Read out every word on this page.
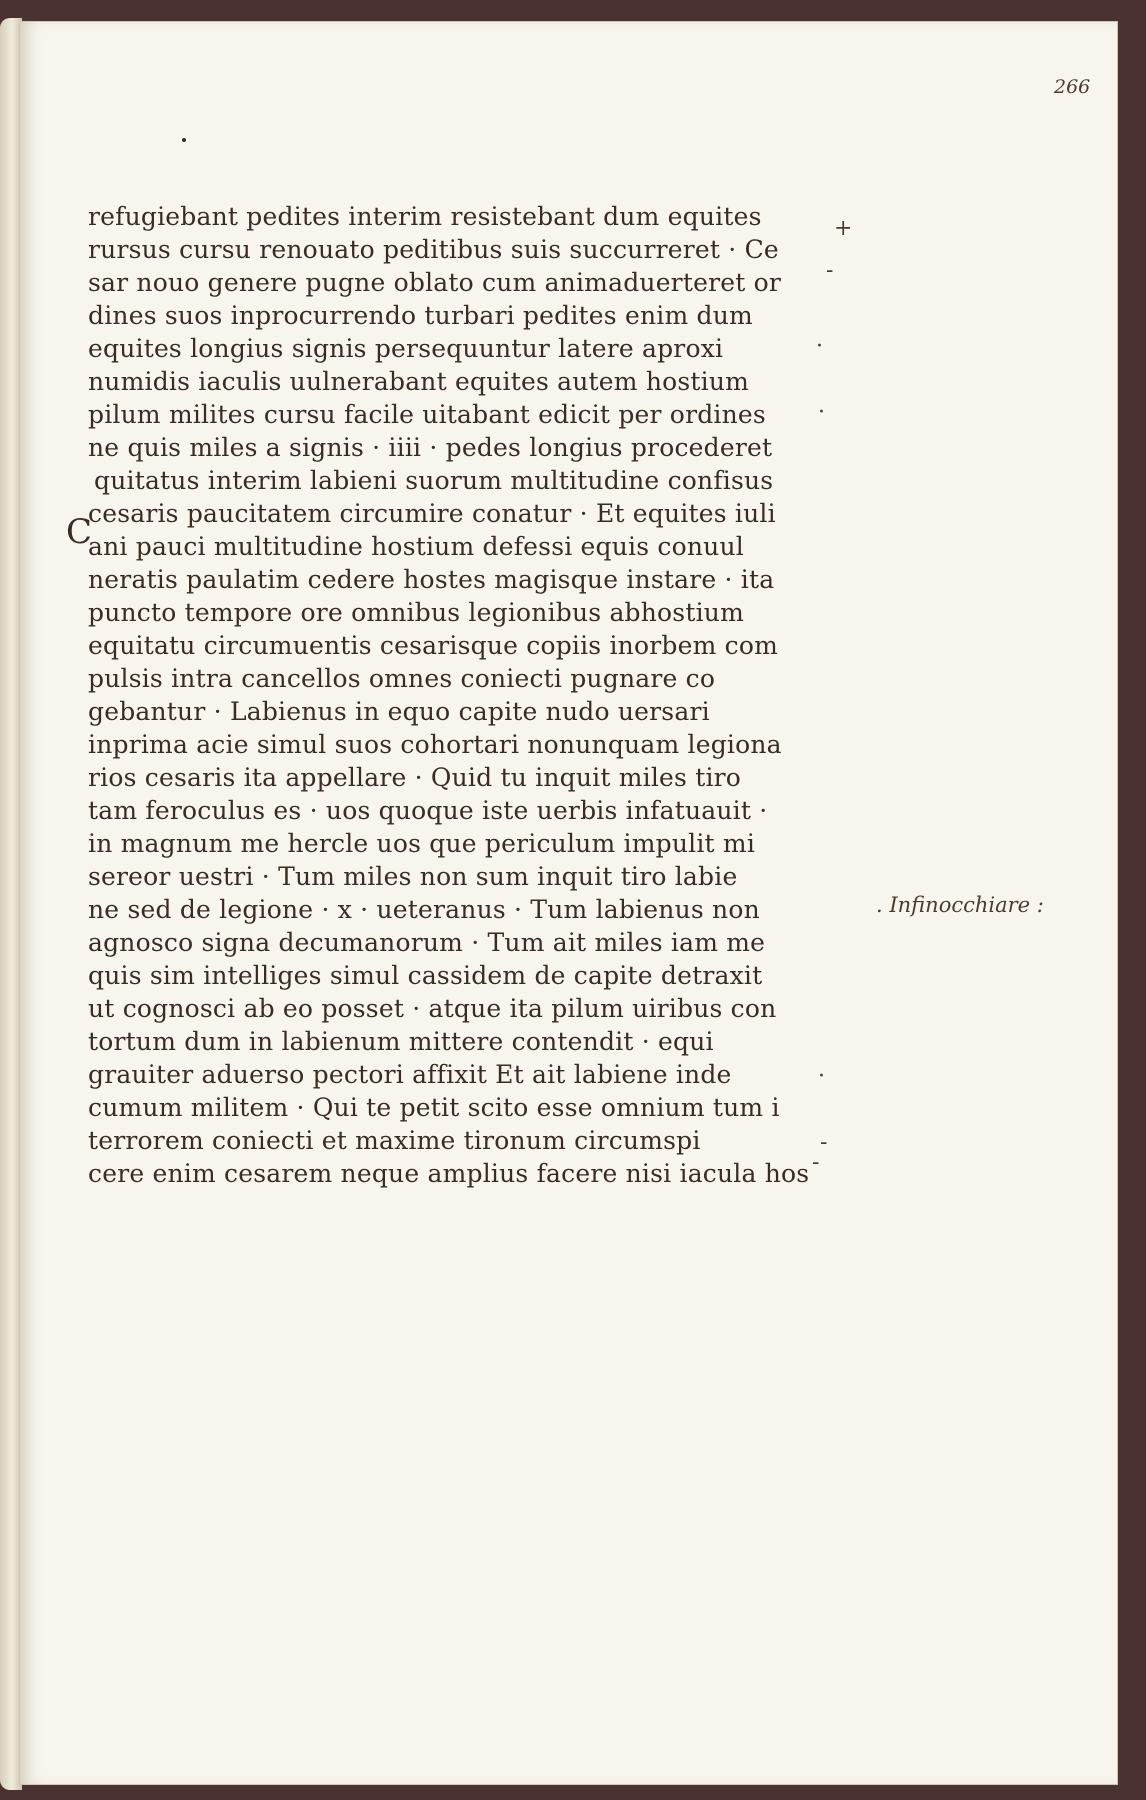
266
C
refugiebant pedites interim resistebant dum equites
rursus cursu renouato peditibus suis succurreret · Ce
sar nouo genere pugne oblato cum animaduerteret or
dines suos inprocurrendo turbari pedites enim dum
equites longius signis persequuntur latere aproxi
numidis iaculis uulnerabant equites autem hostium
pilum milites cursu facile uitabant edicit per ordines
ne quis miles a signis · iiii · pedes longius procederet
quitatus interim labieni suorum multitudine confisus
cesaris paucitatem circumire conatur · Et equites iuli
ani pauci multitudine hostium defessi equis conuul
neratis paulatim cedere hostes magisque instare · ita
puncto tempore ore omnibus legionibus abhostium
equitatu circumuentis cesarisque copiis inorbem com
pulsis intra cancellos omnes coniecti pugnare co
gebantur · Labienus in equo capite nudo uersari
inprima acie simul suos cohortari nonunquam legiona
rios cesaris ita appellare · Quid tu inquit miles tiro
tam feroculus es · uos quoque iste uerbis infatuauit ·
in magnum me hercle uos que periculum impulit mi
sereor uestri · Tum miles non sum inquit tiro labie
ne sed de legione · x · ueteranus · Tum labienus non
agnosco signa decumanorum · Tum ait miles iam me
quis sim intelliges simul cassidem de capite detraxit
ut cognosci ab eo posset · atque ita pilum uiribus con
tortum dum in labienum mittere contendit · equi
grauiter aduerso pectori affixit Et ait labiene inde
cumum militem · Qui te petit scito esse omnium tum i
terrorem coniecti et maxime tironum circumspi
cere enim cesarem neque amplius facere nisi iacula hos
+
-
·
-
·
·
-
. Infinocchiare :
